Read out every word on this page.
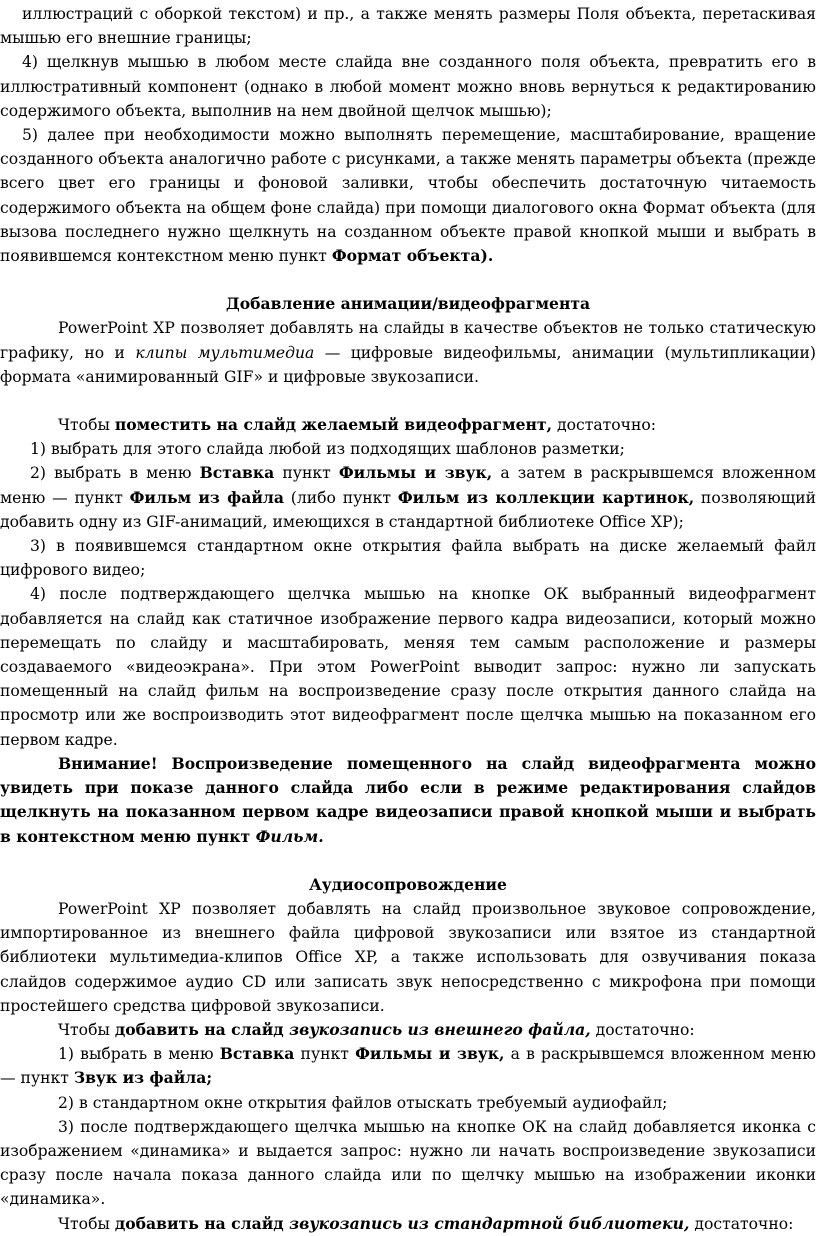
иллюстраций с оборкой текстом) и пр., а также менять размеры Поля объекта, перетаскивая мышью его внешние границы;

4) щелкнув мышью в любом месте слайда вне созданного поля объекта, превратить его в иллюстративный компонент (однако в любой момент можно вновь вернуться к редактированию содержимого объекта, выполнив на нем двойной щелчок мышью);

5) далее при необходимости можно выполнять перемещение, масштабирование, вращение созданного объекта аналогично работе с рисунками, а также менять параметры объекта (прежде всего цвет его границы и фоновой заливки, чтобы обеспечить достаточную читаемость содержимого объекта на общем фоне слайда) при помощи диалогового окна Формат объекта (для вызова последнего нужно щелкнуть на созданном объекте правой кнопкой мыши и выбрать в появившемся контекстном меню пункт Формат объекта).

Добавление анимации/видеофрагмента

PowerPoint XP позволяет добавлять на слайды в качестве объектов не только статическую графику, но и клипы мультимедиа — цифровые видеофильмы, анимации (мультипликации) формата «анимированный GIF» и цифровые звукозаписи.

Чтобы поместить на слайд желаемый видеофрагмент, достаточно:

1) выбрать для этого слайда любой из подходящих шаблонов разметки;

2) выбрать в меню Вставка пункт Фильмы и звук, а затем в раскрывшемся вложенном меню — пункт Фильм из файла (либо пункт Фильм из коллекции картинок, позволяющий добавить одну из GIF-анимаций, имеющихся в стандартной библиотеке Office XP);

3) в появившемся стандартном окне открытия файла выбрать на диске желаемый файл цифрового видео;

4) после подтверждающего щелчка мышью на кнопке ОК выбранный видеофрагмент добавляется на слайд как статичное изображение первого кадра видеозаписи, который можно перемещать по слайду и масштабировать, меняя тем самым расположение и размеры создаваемого «видеоэкрана». При этом PowerPoint выводит запрос: нужно ли запускать помещенный на слайд фильм на воспроизведение сразу после открытия данного слайда на просмотр или же воспроизводить этот видеофрагмент после щелчка мышью на показанном его первом кадре.

Внимание! Воспроизведение помещенного на слайд видеофрагмента можно увидеть при показе данного слайда либо если в режиме редактирования слайдов щелкнуть на показанном первом кадре видеозаписи правой кнопкой мыши и выбрать в контекстном меню пункт Фильм.

Аудиосопровождение

PowerPoint XP позволяет добавлять на слайд произвольное звуковое сопровождение, импортированное из внешнего файла цифровой звукозаписи или взятое из стандартной библиотеки мультимедиа-клипов Office XP, а также использовать для озвучивания показа слайдов содержимое аудио CD или записать звук непосредственно с микрофона при помощи простейшего средства цифровой звукозаписи.

Чтобы добавить на слайд звукозапись из внешнего файла, достаточно:

1) выбрать в меню Вставка пункт Фильмы и звук, а в раскрывшемся вложенном меню — пункт Звук из файла;

2) в стандартном окне открытия файлов отыскать требуемый аудиофайл;

3) после подтверждающего щелчка мышью на кнопке ОК на слайд добавляется иконка с изображением «динамика» и выдается запрос: нужно ли начать воспроизведение звукозаписи сразу после начала показа данного слайда или по щелчку мышью на изображении иконки «динамика».

Чтобы добавить на слайд звукозапись из стандартной библиотеки, достаточно:
